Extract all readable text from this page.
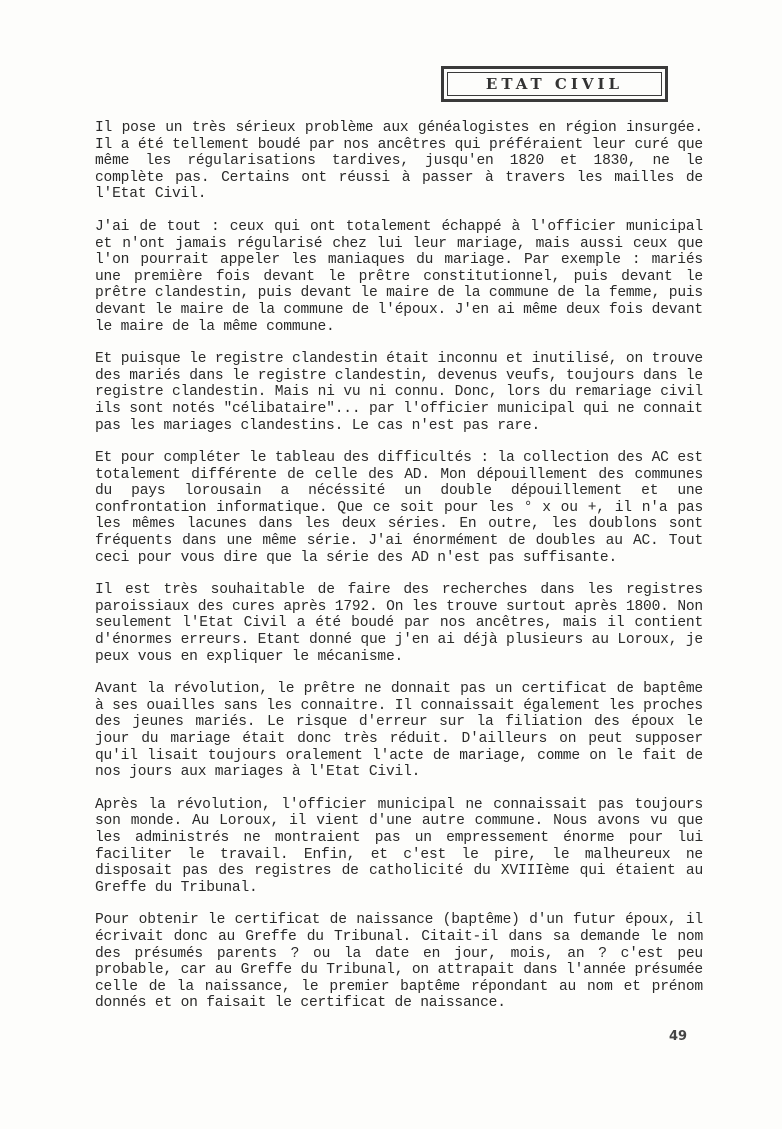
ETAT CIVIL

Il pose un très sérieux problème aux généalogistes en région insurgée. Il a été tellement boudé par nos ancêtres qui préféraient leur curé que même les régularisations tardives, jusqu'en 1820 et 1830, ne le complète pas. Certains ont réussi à passer à travers les mailles de l'Etat Civil.

J'ai de tout : ceux qui ont totalement échappé à l'officier municipal et n'ont jamais régularisé chez lui leur mariage, mais aussi ceux que l'on pourrait appeler les maniaques du mariage. Par exemple : mariés une première fois devant le prêtre constitutionnel, puis devant le prêtre clandestin, puis devant le maire de la commune de la femme, puis devant le maire de la commune de l'époux. J'en ai même deux fois devant le maire de la même commune.

Et puisque le registre clandestin était inconnu et inutilisé, on trouve des mariés dans le registre clandestin, devenus veufs, toujours dans le registre clandestin. Mais ni vu ni connu. Donc, lors du remariage civil ils sont notés "célibataire"... par l'officier municipal qui ne connait pas les mariages clandestins. Le cas n'est pas rare.

Et pour compléter le tableau des difficultés : la collection des AC est totalement différente de celle des AD. Mon dépouillement des communes du pays lorousain a nécéssité un double dépouillement et une confrontation informatique. Que ce soit pour les ° x ou +, il n'a pas les mêmes lacunes dans les deux séries. En outre, les doublons sont fréquents dans une même série. J'ai énormément de doubles au AC. Tout ceci pour vous dire que la série des AD n'est pas suffisante.

Il est très souhaitable de faire des recherches dans les registres paroissiaux des cures après 1792. On les trouve surtout après 1800. Non seulement l'Etat Civil a été boudé par nos ancêtres, mais il contient d'énormes erreurs. Etant donné que j'en ai déjà plusieurs au Loroux, je peux vous en expliquer le mécanisme.

Avant la révolution, le prêtre ne donnait pas un certificat de baptême à ses ouailles sans les connaitre. Il connaissait également les proches des jeunes mariés. Le risque d'erreur sur la filiation des époux le jour du mariage était donc très réduit. D'ailleurs on peut supposer qu'il lisait toujours oralement l'acte de mariage, comme on le fait de nos jours aux mariages à l'Etat Civil.

Après la révolution, l'officier municipal ne connaissait pas toujours son monde. Au Loroux, il vient d'une autre commune. Nous avons vu que les administrés ne montraient pas un empressement énorme pour lui faciliter le travail. Enfin, et c'est le pire, le malheureux ne disposait pas des registres de catholicité du XVIIIème qui étaient au Greffe du Tribunal.

Pour obtenir le certificat de naissance (baptême) d'un futur époux, il écrivait donc au Greffe du Tribunal. Citait-il dans sa demande le nom des présumés parents ? ou la date en jour, mois, an ? c'est peu probable, car au Greffe du Tribunal, on attrapait dans l'année présumée celle de la naissance, le premier baptême répondant au nom et prénom donnés et on faisait le certificat de naissance.

49
